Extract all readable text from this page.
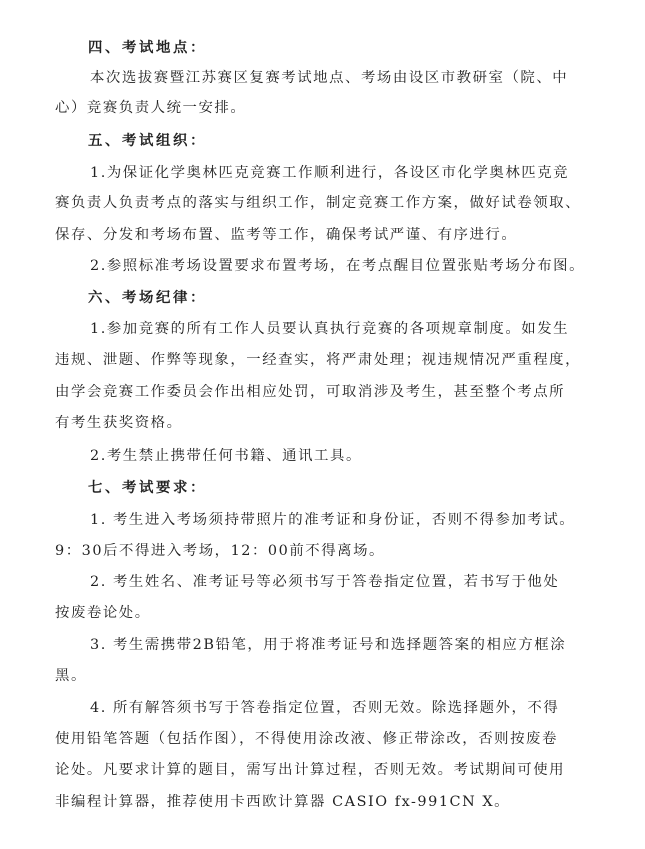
四、考试地点：
本次选拔赛暨江苏赛区复赛考试地点、考场由设区市教研室（院、中
心）竞赛负责人统一安排。
五、考试组织：
1.为保证化学奥林匹克竞赛工作顺利进行，各设区市化学奥林匹克竞
赛负责人负责考点的落实与组织工作，制定竞赛工作方案，做好试卷领取、
保存、分发和考场布置、监考等工作，确保考试严谨、有序进行。
2.参照标准考场设置要求布置考场，在考点醒目位置张贴考场分布图。
六、考场纪律：
1.参加竞赛的所有工作人员要认真执行竞赛的各项规章制度。如发生
违规、泄题、作弊等现象，一经查实，将严肃处理；视违规情况严重程度，
由学会竞赛工作委员会作出相应处罚，可取消涉及考生，甚至整个考点所
有考生获奖资格。
2.考生禁止携带任何书籍、通讯工具。
七、考试要求：
1. 考生进入考场须持带照片的准考证和身份证，否则不得参加考试。
9：30后不得进入考场，12：00前不得离场。
2. 考生姓名、准考证号等必须书写于答卷指定位置，若书写于他处
按废卷论处。
3. 考生需携带2B铅笔，用于将准考证号和选择题答案的相应方框涂
黑。
4. 所有解答须书写于答卷指定位置，否则无效。除选择题外，不得
使用铅笔答题（包括作图），不得使用涂改液、修正带涂改，否则按废卷
论处。凡要求计算的题目，需写出计算过程，否则无效。考试期间可使用
非编程计算器，推荐使用卡西欧计算器 CASIO fx-991CN X。
